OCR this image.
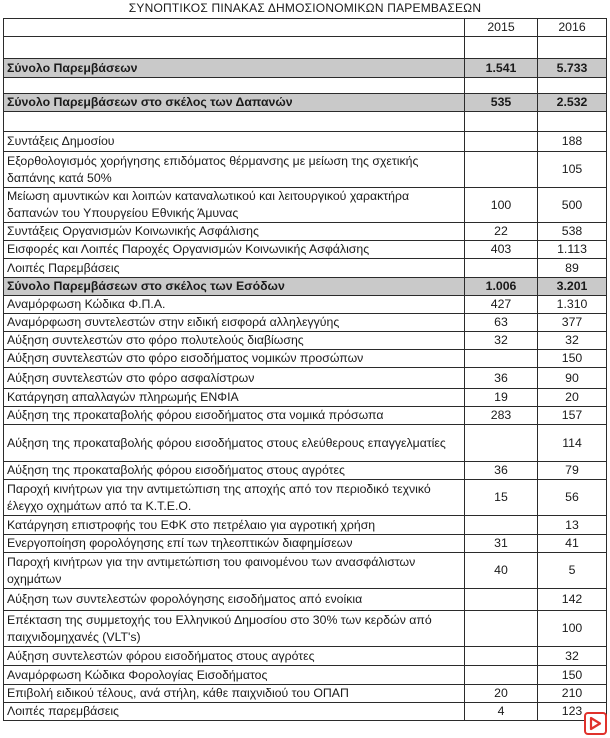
ΣΥΝΟΠΤΙΚΟΣ ΠΙΝΑΚΑΣ ΔΗΜΟΣΙΟΝΟΜΙΚΩΝ ΠΑΡΕΜΒΑΣΕΩΝ
	2015	2016

Σύνολο Παρεμβάσεων	1.541	5.733

Σύνολο Παρεμβάσεων στο σκέλος των Δαπανών	535	2.532

Συντάξεις Δημοσίου		188
Εξορθολογισμός χορήγησης επιδόματος θέρμανσης με μείωση της σχετικής δαπάνης κατά 50%		105
Μείωση αμυντικών και λοιπών καταναλωτικού και λειτουργικού χαρακτήρα δαπανών του Υπουργείου Εθνικής Άμυνας	100	500
Συντάξεις Οργανισμών Κοινωνικής Ασφάλισης	22	538
Εισφορές και Λοιπές Παροχές Οργανισμών Κοινωνικής Ασφάλισης	403	1.113
Λοιπές Παρεμβάσεις		89
Σύνολο Παρεμβάσεων στο σκέλος των Εσόδων	1.006	3.201
Αναμόρφωση Κώδικα Φ.Π.Α.	427	1.310
Αναμόρφωση συντελεστών στην ειδική εισφορά αλληλεγγύης	63	377
Αύξηση συντελεστών στο φόρο πολυτελούς διαβίωσης	32	32
Αύξηση συντελεστών στο φόρο εισοδήματος νομικών προσώπων		150
Αύξηση συντελεστών στο φόρο ασφαλίστρων	36	90
Κατάργηση απαλλαγών πληρωμής ΕΝΦΙΑ	19	20
Αύξηση της προκαταβολής φόρου εισοδήματος στα νομικά πρόσωπα	283	157
Αύξηση της προκαταβολής φόρου εισοδήματος στους ελεύθερους επαγγελματίες		114
Αύξηση της προκαταβολής φόρου εισοδήματος στους αγρότες	36	79
Παροχή κινήτρων για την αντιμετώπιση της αποχής από τον περιοδικό τεχνικό έλεγχο οχημάτων από τα Κ.Τ.Ε.Ο.	15	56
Κατάργηση επιστροφής του ΕΦΚ στο πετρέλαιο για αγροτική χρήση		13
Ενεργοποίηση φορολόγησης επί των τηλεοπτικών διαφημίσεων	31	41
Παροχή κινήτρων για την αντιμετώπιση του φαινομένου των ανασφάλιστων οχημάτων	40	5
Αύξηση των συντελεστών φορολόγησης εισοδήματος από ενοίκια		142
Επέκταση της συμμετοχής του Ελληνικού Δημοσίου στο 30% των κερδών από παιχνιδομηχανές (VLT's)		100
Αύξηση συντελεστών φόρου εισοδήματος στους αγρότες		32
Αναμόρφωση Κώδικα Φορολογίας Εισοδήματος		150
Επιβολή ειδικού τέλους, ανά στήλη, κάθε παιχνιδιού του ΟΠΑΠ	20	210
Λοιπές παρεμβάσεις	4	123
